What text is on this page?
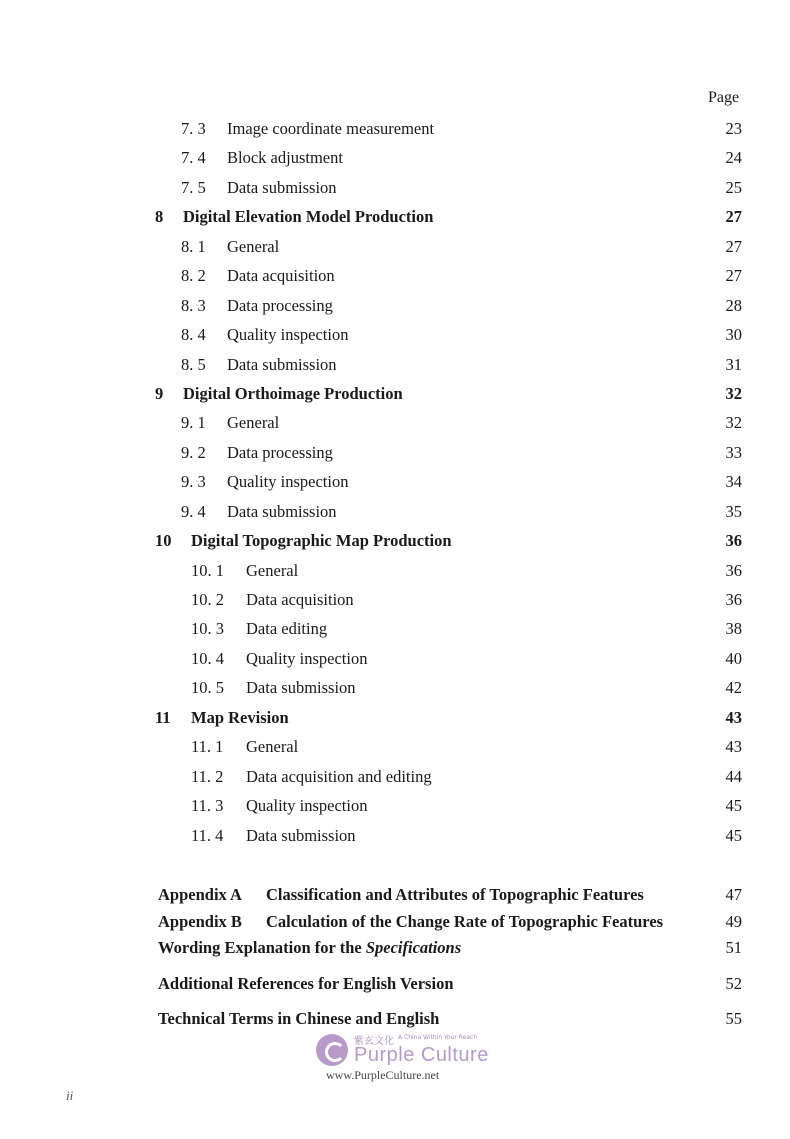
Page
7. 3 Image coordinate measurement	23
7. 4 Block adjustment	24
7. 5 Data submission	25
8 Digital Elevation Model Production	27
8. 1 General	27
8. 2 Data acquisition	27
8. 3 Data processing	28
8. 4 Quality inspection	30
8. 5 Data submission	31
9 Digital Orthoimage Production	32
9. 1 General	32
9. 2 Data processing	33
9. 3 Quality inspection	34
9. 4 Data submission	35
10 Digital Topographic Map Production	36
10. 1 General	36
10. 2 Data acquisition	36
10. 3 Data editing	38
10. 4 Quality inspection	40
10. 5 Data submission	42
11 Map Revision	43
11. 1 General	43
11. 2 Data acquisition and editing	44
11. 3 Quality inspection	45
11. 4 Data submission	45
Appendix A Classification and Attributes of Topographic Features	47
Appendix B Calculation of the Change Rate of Topographic Features	49
Wording Explanation for the Specifications	51
Additional References for English Version	52
Technical Terms in Chinese and English	55
紫玄文化 A China Within Your Reach
Purple Culture
www.PurpleCulture.net
ii
